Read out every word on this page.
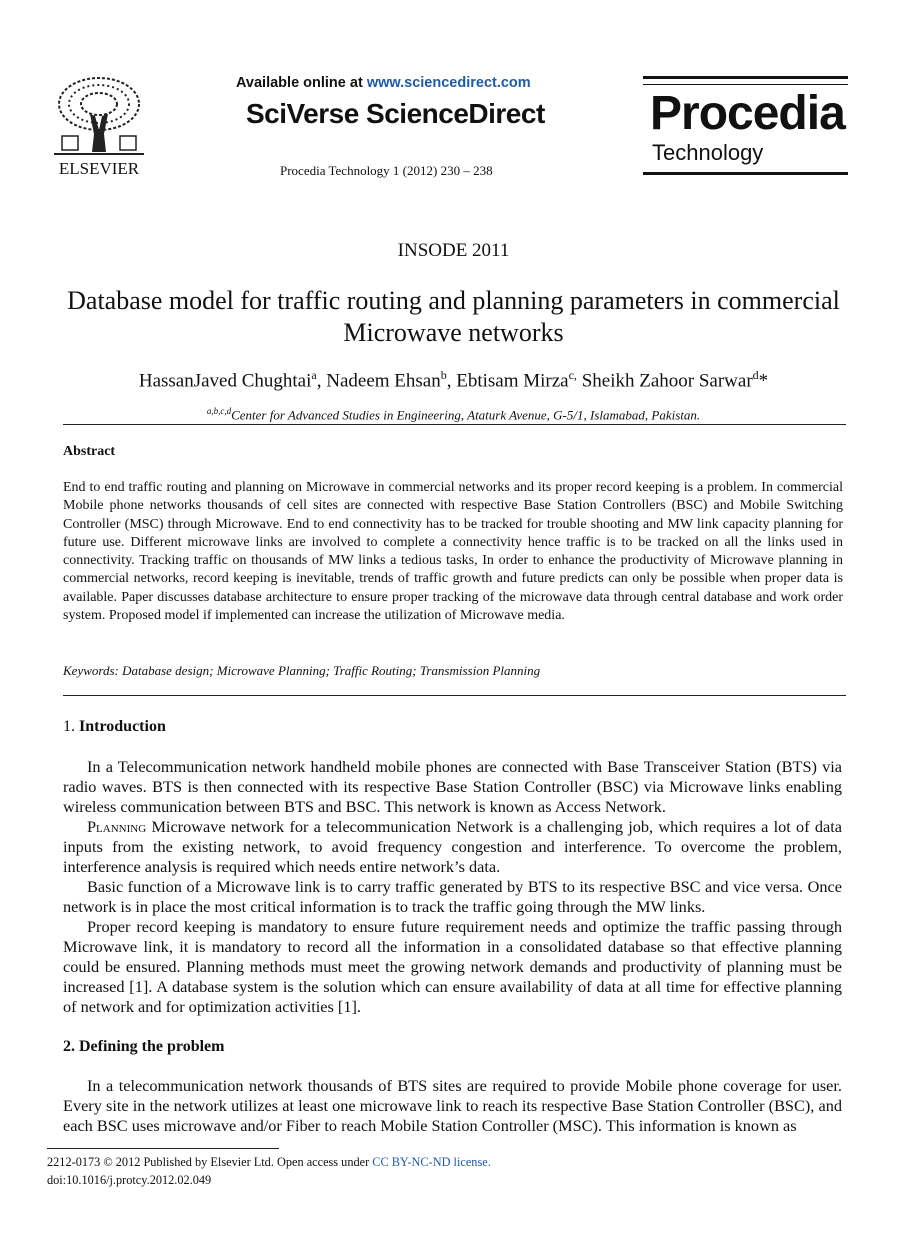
ELSEVIER
Available online at www.sciencedirect.com
SciVerse ScienceDirect
Procedia Technology 1 (2012) 230 – 238
Procedia
Technology
INSODE 2011
Database model for traffic routing and planning parameters in commercial Microwave networks
HassanJaved Chughtai$^a$, Nadeem Ehsan$^b$, Ebtisam Mirza$^{c,}$ Sheikh Zahoor Sarwar$^d$*
$^{a,b,c,d}$Center for Advanced Studies in Engineering, Ataturk Avenue, G-5/1, Islamabad, Pakistan.
Abstract
End to end traffic routing and planning on Microwave in commercial networks and its proper record keeping is a problem. In commercial Mobile phone networks thousands of cell sites are connected with respective Base Station Controllers (BSC) and Mobile Switching Controller (MSC) through Microwave. End to end connectivity has to be tracked for trouble shooting and MW link capacity planning for future use. Different microwave links are involved to complete a connectivity hence traffic is to be tracked on all the links used in connectivity. Tracking traffic on thousands of MW links a tedious tasks, In order to enhance the productivity of Microwave planning in commercial networks, record keeping is inevitable, trends of traffic growth and future predicts can only be possible when proper data is available. Paper discusses database architecture to ensure proper tracking of the microwave data through central database and work order system. Proposed model if implemented can increase the utilization of Microwave media.
Keywords: Database design; Microwave Planning; Traffic Routing; Transmission Planning
1. Introduction

In a Telecommunication network handheld mobile phones are connected with Base Transceiver Station (BTS) via radio waves. BTS is then connected with its respective Base Station Controller (BSC) via Microwave links enabling wireless communication between BTS and BSC. This network is known as Access Network.

Planning Microwave network for a telecommunication Network is a challenging job, which requires a lot of data inputs from the existing network, to avoid frequency congestion and interference. To overcome the problem, interference analysis is required which needs entire network’s data.

Basic function of a Microwave link is to carry traffic generated by BTS to its respective BSC and vice versa. Once network is in place the most critical information is to track the traffic going through the MW links.

Proper record keeping is mandatory to ensure future requirement needs and optimize the traffic passing through Microwave link, it is mandatory to record all the information in a consolidated database so that effective planning could be ensured. Planning methods must meet the growing network demands and productivity of planning must be increased [1]. A database system is the solution which can ensure availability of data at all time for effective planning of network and for optimization activities [1].

2. Defining the problem

In a telecommunication network thousands of BTS sites are required to provide Mobile phone coverage for user. Every site in the network utilizes at least one microwave link to reach its respective Base Station Controller (BSC), and each BSC uses microwave and/or Fiber to reach Mobile Station Controller (MSC). This information is known as

2212-0173 © 2012 Published by Elsevier Ltd. Open access under CC BY-NC-ND license.
doi:10.1016/j.protcy.2012.02.049
